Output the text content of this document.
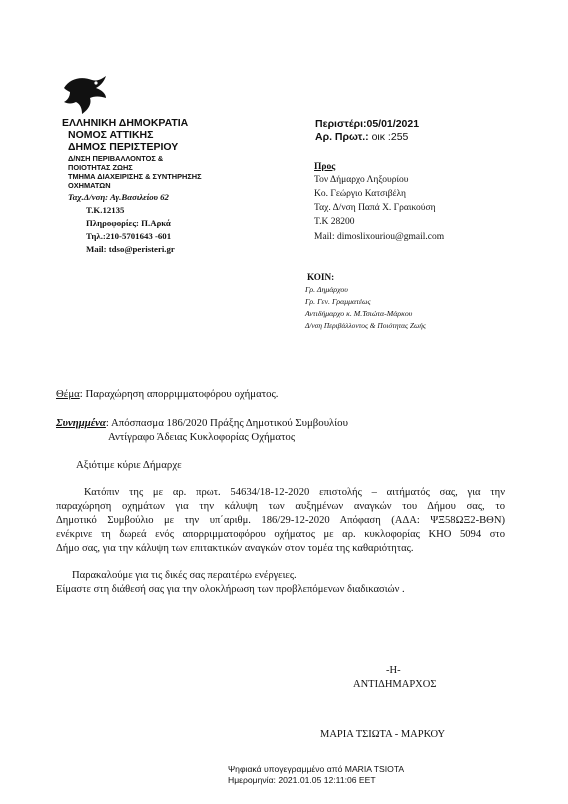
ΕΛΛΗΝΙΚΗ ΔΗΜΟΚΡΑΤΙΑ
ΝΟΜΟΣ ΑΤΤΙΚΗΣ
ΔΗΜΟΣ ΠΕΡΙΣΤΕΡΙΟΥ
Δ/ΝΣΗ ΠΕΡΙΒΑΛΛΟΝΤΟΣ &
ΠΟΙΟΤΗΤΑΣ ΖΩΗΣ
ΤΜΗΜΑ ΔΙΑΧΕΙΡΙΣΗΣ & ΣΥΝΤΗΡΗΣΗΣ
ΟΧΗΜΑΤΩΝ
Ταχ.Δ/νση: Αγ.Βασιλείου 62
Τ.Κ.12135
Πληροφορίες: Π.Αρκά
Τηλ.:210-5701643 -601
Mail: tdso@peristeri.gr
Περιστέρι:05/01/2021
Αρ. Πρωτ.: οικ :255
Προς
Τον Δήμαρχο Ληξουρίου
Κο. Γεώργιο Κατσιβέλη
Ταχ. Δ/νση Παπά Χ. Γραικούση
Τ.Κ 28200
Mail: dimoslixouriou@gmail.com
ΚΟΙΝ:
Γρ. Δημάρχου
Γρ. Γεν. Γραμματέως
Αντιδήμαρχο κ. Μ.Τσιώτα-Μάρκου
Δ/νση Περιβάλλοντος & Ποιότητας Ζωής
Θέμα: Παραχώρηση απορριμματοφόρου οχήματος.
Συνημμένα: Απόσπασμα 186/2020 Πράξης Δημοτικού Συμβουλίου
Αντίγραφο Άδειας Κυκλοφορίας Οχήματος
Αξιότιμε κύριε Δήμαρχε
Κατόπιν της με αρ. πρωτ. 54634/18-12-2020 επιστολής – αιτήματός σας, για την
παραχώρηση οχημάτων για την κάλυψη των αυξημένων αναγκών του Δήμου σας, το
Δημοτικό Συμβούλιο με την υπ΄αριθμ. 186/29-12-2020 Απόφαση (ΑΔΑ: ΨΞ58ΩΞ2-ΒΘΝ)
ενέκρινε τη δωρεά ενός απορριμματοφόρου οχήματος με αρ. κυκλοφορίας ΚΗΟ 5094 στο
Δήμο σας, για την κάλυψη των επιτακτικών αναγκών στον τομέα της καθαριότητας.
Παρακαλούμε για τις δικές σας περαιτέρω ενέργειες.
Είμαστε στη διάθεσή σας για την ολοκλήρωση των προβλεπόμενων διαδικασιών .
-Η-
ΑΝΤΙΔΗΜΑΡΧΟΣ
ΜΑΡΙΑ ΤΣΙΩΤΑ - ΜΑΡΚΟΥ
Ψηφιακά υπογεγραμμένο από MARIA TSIOTA
Ημερομηνία: 2021.01.05 12:11:06 EET
